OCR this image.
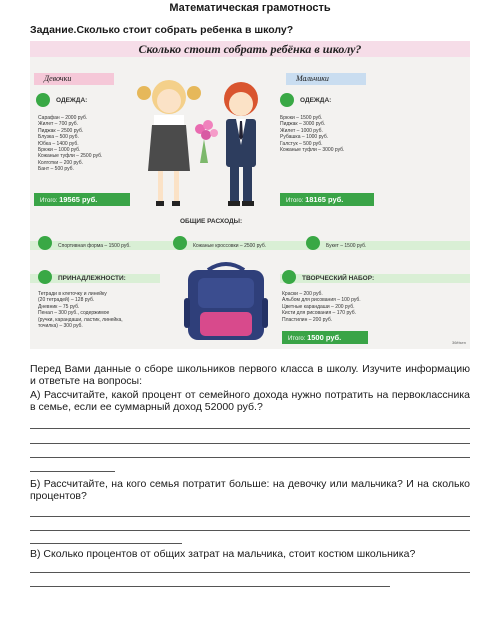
Математическая грамотность
Задание.Сколько стоит собрать ребенка в школу?
Сколько стоит собрать ребёнка в школу?
Девочки	Мальчики
ОДЕЖДА:
Сарафан – 2000 руб.
Жилет – 700 руб.
Пиджак – 2500 руб.
Блузка – 500 руб.
Юбка – 1400 руб.
Брюки – 1000 руб.
Кожаные туфли – 2500 руб.
Колготки – 200 руб.
Бант – 500 руб.
Итого: 19565 руб.
ОДЕЖДА:
Брюки – 1500 руб.
Пиджак – 3000 руб.
Жилет – 1000 руб.
Рубашка – 1000 руб.
Галстук – 500 руб.
Кожаные туфли – 3000 руб.
Итого: 18165 руб.
ОБЩИЕ РАСХОДЫ:
Спортивная форма – 1500 руб.	Кожаные кроссовки – 2500 руб.	Букет – 1500 руб.
ПРИНАДЛЕЖНОСТИ:
Тетради в клеточку и линейку
(20 тетрадей) – 128 руб.
Дневник – 75 руб.
Пенал – 300 руб., содержимое
(ручки, карандаши, ластик, линейка,
точилка) – 300 руб.
ТВОРЧЕСКИЙ НАБОР:
Краски – 200 руб.
Альбом для рисования – 100 руб.
Цветные карандаши – 200 руб.
Кисти для рисования – 170 руб.
Пластилин – 200 руб.
Итого: 1500 руб.
36ёlsen
Перед Вами данные о сборе школьников первого класса в школу. Изучите информацию и ответьте на вопросы:
А) Рассчитайте, какой процент от семейного дохода нужно потратить на первоклассника в семье, если ее суммарный доход 52000 руб.?
Б) Рассчитайте, на кого семья потратит больше: на девочку или мальчика? И на сколько процентов?
В) Сколько процентов от общих затрат на мальчика, стоит костюм школьника?
